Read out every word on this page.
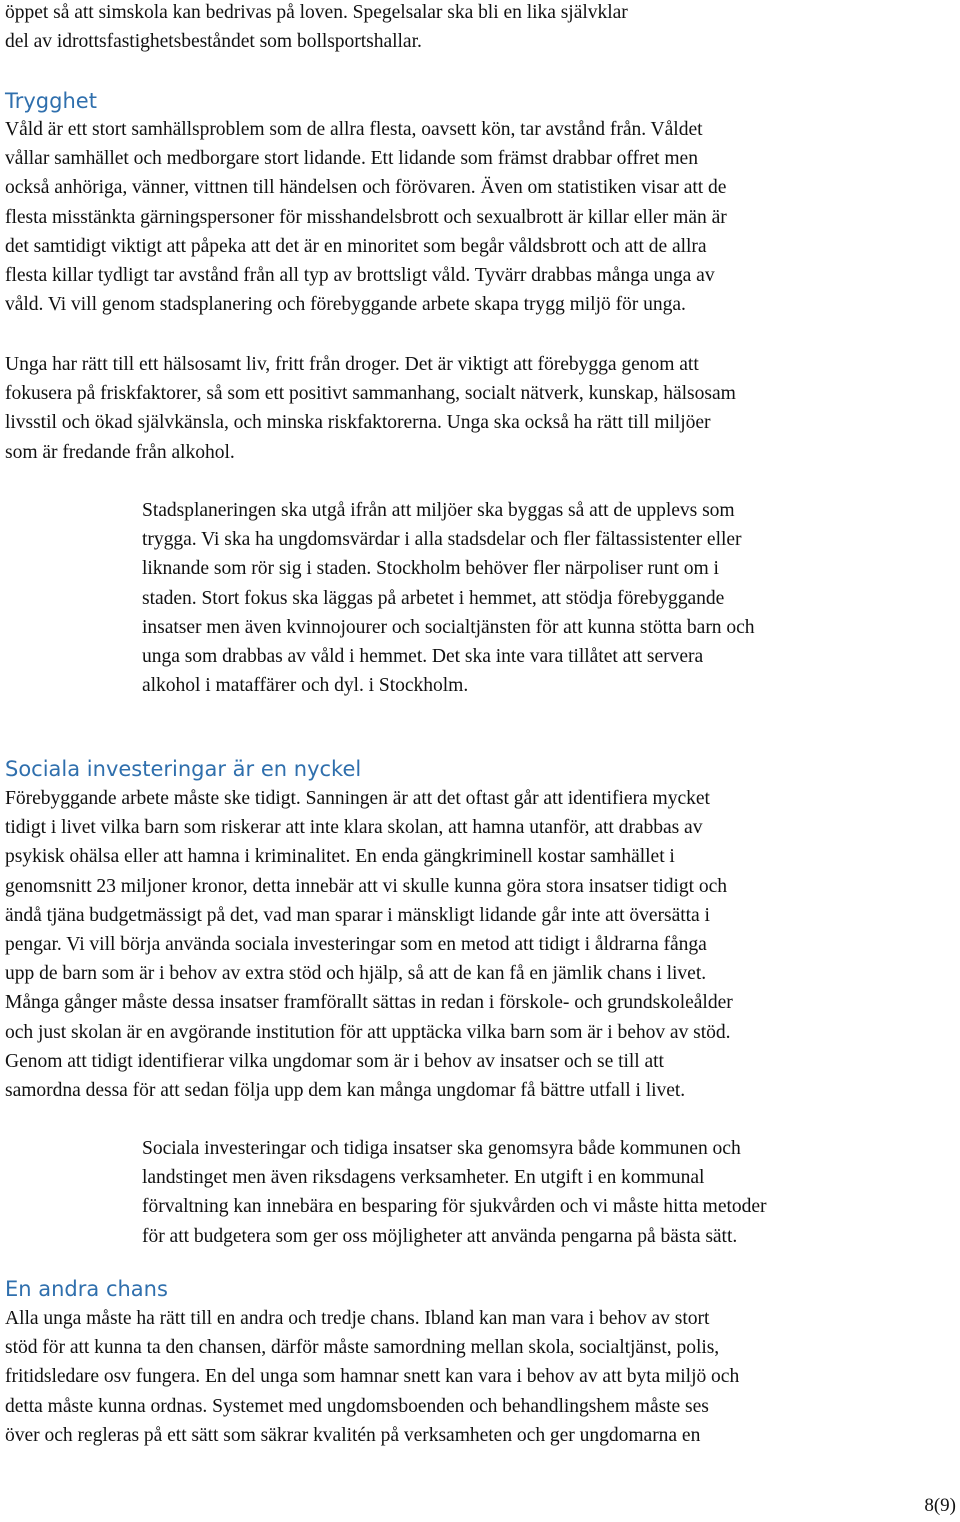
öppet så att simskola kan bedrivas på loven. Spegelsalar ska bli en lika självklar
del av idrottsfastighetsbeståndet som bollsportshallar.

Trygghet

Våld är ett stort samhällsproblem som de allra flesta, oavsett kön, tar avstånd från. Våldet
vållar samhället och medborgare stort lidande. Ett lidande som främst drabbar offret men
också anhöriga, vänner, vittnen till händelsen och förövaren. Även om statistiken visar att de
flesta misstänkta gärningspersoner för misshandelsbrott och sexualbrott är killar eller män är
det samtidigt viktigt att påpeka att det är en minoritet som begår våldsbrott och att de allra
flesta killar tydligt tar avstånd från all typ av brottsligt våld. Tyvärr drabbas många unga av
våld. Vi vill genom stadsplanering och förebyggande arbete skapa trygg miljö för unga.

Unga har rätt till ett hälsosamt liv, fritt från droger. Det är viktigt att förebygga genom att
fokusera på friskfaktorer, så som ett positivt sammanhang, socialt nätverk, kunskap, hälsosam
livsstil och ökad självkänsla, och minska riskfaktorerna. Unga ska också ha rätt till miljöer
som är fredande från alkohol.

Stadsplaneringen ska utgå ifrån att miljöer ska byggas så att de upplevs som
trygga. Vi ska ha ungdomsvärdar i alla stadsdelar och fler fältassistenter eller
liknande som rör sig i staden. Stockholm behöver fler närpoliser runt om i
staden. Stort fokus ska läggas på arbetet i hemmet, att stödja förebyggande
insatser men även kvinnojourer och socialtjänsten för att kunna stötta barn och
unga som drabbas av våld i hemmet. Det ska inte vara tillåtet att servera
alkohol i mataffärer och dyl. i Stockholm.

Sociala investeringar är en nyckel

Förebyggande arbete måste ske tidigt. Sanningen är att det oftast går att identifiera mycket
tidigt i livet vilka barn som riskerar att inte klara skolan, att hamna utanför, att drabbas av
psykisk ohälsa eller att hamna i kriminalitet. En enda gängkriminell kostar samhället i
genomsnitt 23 miljoner kronor, detta innebär att vi skulle kunna göra stora insatser tidigt och
ändå tjäna budgetmässigt på det, vad man sparar i mänskligt lidande går inte att översätta i
pengar. Vi vill börja använda sociala investeringar som en metod att tidigt i åldrarna fånga
upp de barn som är i behov av extra stöd och hjälp, så att de kan få en jämlik chans i livet.
Många gånger måste dessa insatser framförallt sättas in redan i förskole- och grundskoleålder
och just skolan är en avgörande institution för att upptäcka vilka barn som är i behov av stöd.
Genom att tidigt identifierar vilka ungdomar som är i behov av insatser och se till att
samordna dessa för att sedan följa upp dem kan många ungdomar få bättre utfall i livet.

Sociala investeringar och tidiga insatser ska genomsyra både kommunen och
landstinget men även riksdagens verksamheter. En utgift i en kommunal
förvaltning kan innebära en besparing för sjukvården och vi måste hitta metoder
för att budgetera som ger oss möjligheter att använda pengarna på bästa sätt.

En andra chans

Alla unga måste ha rätt till en andra och tredje chans. Ibland kan man vara i behov av stort
stöd för att kunna ta den chansen, därför måste samordning mellan skola, socialtjänst, polis,
fritidsledare osv fungera. En del unga som hamnar snett kan vara i behov av att byta miljö och
detta måste kunna ordnas. Systemet med ungdomsboenden och behandlingshem måste ses
över och regleras på ett sätt som säkrar kvalitén på verksamheten och ger ungdomarna en

8(9)
